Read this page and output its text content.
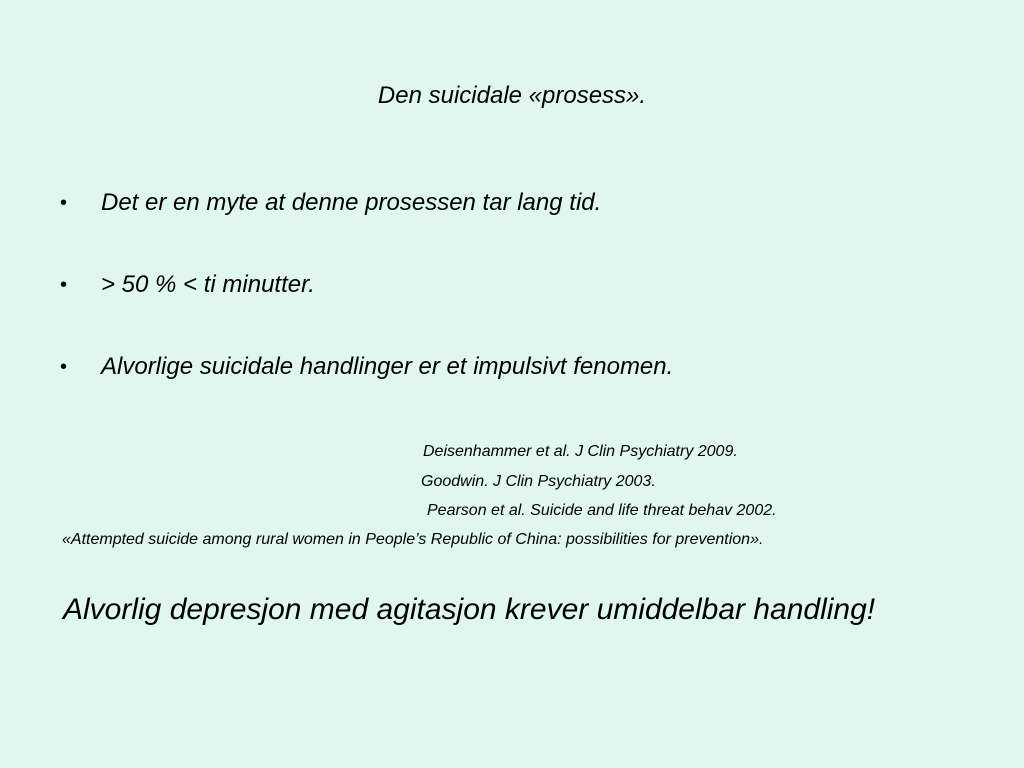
Den suicidale «prosess».
• Det er en myte at denne prosessen tar lang tid.
• > 50 % < ti minutter.
• Alvorlige suicidale handlinger er et impulsivt fenomen.
Deisenhammer et al. J Clin Psychiatry 2009.
Goodwin. J Clin Psychiatry 2003.
Pearson et al. Suicide and life threat behav 2002.
«Attempted suicide among rural women in People’s Republic of China: possibilities for prevention».
Alvorlig depresjon med agitasjon krever umiddelbar handling!
